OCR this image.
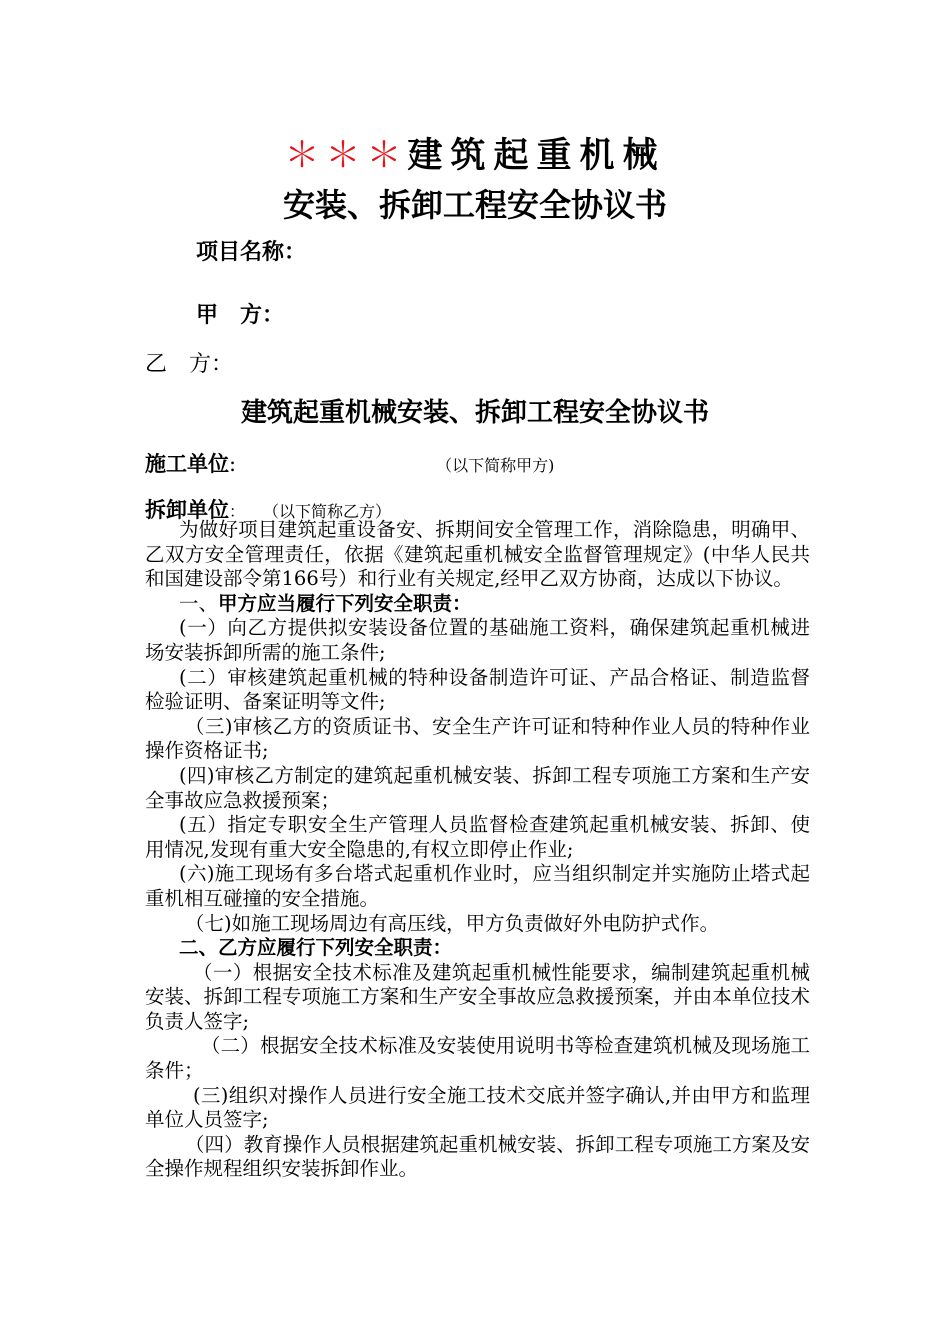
＊＊＊建筑起重机械
安装、拆卸工程安全协议书
项目名称：
甲　方：
乙　方：
建筑起重机械安装、拆卸工程安全协议书
施工单位:	（以下简称甲方)
拆卸单位： （以下简称乙方）

为做好项目建筑起重设备安、拆期间安全管理工作，消除隐患，明确甲、乙双方安全管理责任，依据《建筑起重机械安全监督管理规定》(中华人民共和国建设部令第166号）和行业有关规定,经甲乙双方协商，达成以下协议。

一、甲方应当履行下列安全职责：

(一）向乙方提供拟安装设备位置的基础施工资料，确保建筑起重机械进场安装拆卸所需的施工条件;

(二）审核建筑起重机械的特种设备制造许可证、产品合格证、制造监督检验证明、备案证明等文件;

（三)审核乙方的资质证书、安全生产许可证和特种作业人员的特种作业操作资格证书;

(四)审核乙方制定的建筑起重机械安装、拆卸工程专项施工方案和生产安全事故应急救援预案；

(五）指定专职安全生产管理人员监督检查建筑起重机械安装、拆卸、使用情况,发现有重大安全隐患的,有权立即停止作业;

(六)施工现场有多台塔式起重机作业时，应当组织制定并实施防止塔式起重机相互碰撞的安全措施。

（七)如施工现场周边有高压线，甲方负责做好外电防护式作。

二、乙方应履行下列安全职责：

（一）根据安全技术标准及建筑起重机械性能要求，编制建筑起重机械安装、拆卸工程专项施工方案和生产安全事故应急救援预案，并由本单位技术负责人签字;

（二）根据安全技术标准及安装使用说明书等检查建筑机械及现场施工条件；

(三)组织对操作人员进行安全施工技术交底并签字确认,并由甲方和监理单位人员签字;

（四）教育操作人员根据建筑起重机械安装、拆卸工程专项施工方案及安全操作规程组织安装拆卸作业。
